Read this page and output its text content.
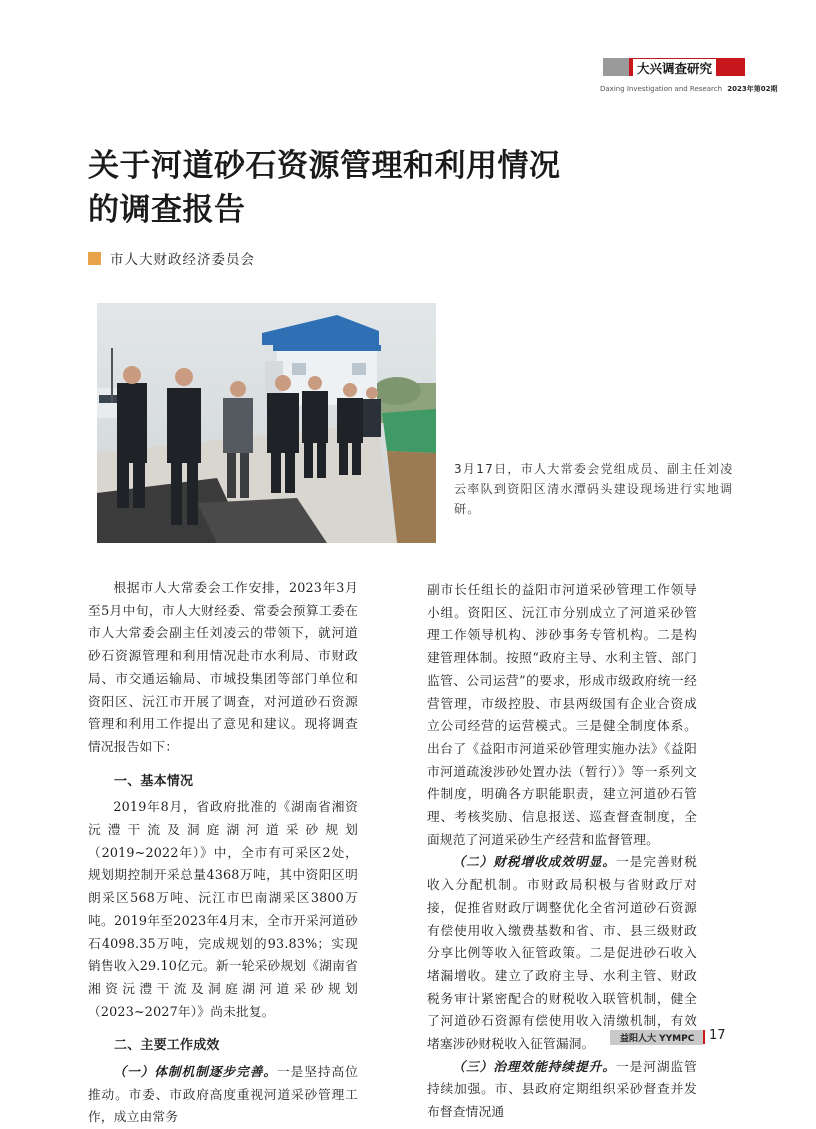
大兴调查研究
Daxing Investigation and Research 2023年第02期
关于河道砂石资源管理和利用情况
的调查报告
市人大财政经济委员会
3月17日，市人大常委会党组成员、副主任刘凌云率队到资阳区清水潭码头建设现场进行实地调研。

根据市人大常委会工作安排，2023年3月至5月中旬，市人大财经委、常委会预算工委在市人大常委会副主任刘凌云的带领下，就河道砂石资源管理和利用情况赴市水利局、市财政局、市交通运输局、市城投集团等部门单位和资阳区、沅江市开展了调查，对河道砂石资源管理和利用工作提出了意见和建议。现将调查情况报告如下：

一、基本情况

2019年8月，省政府批准的《湖南省湘资沅澧干流及洞庭湖河道采砂规划（2019~2022年）》中，全市有可采区2处，规划期控制开采总量4368万吨，其中资阳区明朗采区568万吨、沅江市巴南湖采区3800万吨。2019年至2023年4月末，全市开采河道砂石4098.35万吨，完成规划的93.83%；实现销售收入29.10亿元。新一轮采砂规划《湖南省湘资沅澧干流及洞庭湖河道采砂规划（2023~2027年）》尚未批复。

二、主要工作成效

（一）体制机制逐步完善。一是坚持高位推动。市委、市政府高度重视河道采砂管理工作，成立由常务

副市长任组长的益阳市河道采砂管理工作领导小组。资阳区、沅江市分别成立了河道采砂管理工作领导机构、涉砂事务专管机构。二是构建管理体制。按照“政府主导、水利主管、部门监管、公司运营”的要求，形成市级政府统一经营管理，市级控股、市县两级国有企业合资成立公司经营的运营模式。三是健全制度体系。出台了《益阳市河道采砂管理实施办法》《益阳市河道疏浚涉砂处置办法（暂行）》等一系列文件制度，明确各方职能职责，建立河道砂石管理、考核奖励、信息报送、巡查督查制度，全面规范了河道采砂生产经营和监督管理。

（二）财税增收成效明显。一是完善财税收入分配机制。市财政局积极与省财政厅对接，促推省财政厅调整优化全省河道砂石资源有偿使用收入缴费基数和省、市、县三级财政分享比例等收入征管政策。二是促进砂石收入堵漏增收。建立了政府主导、水利主管、财政税务审计紧密配合的财税收入联管机制，健全了河道砂石资源有偿使用收入清缴机制，有效堵塞涉砂财税收入征管漏洞。

（三）治理效能持续提升。一是河湖监管持续加强。市、县政府定期组织采砂督查并发布督查情况通

益阳人大 YYMPC	17
